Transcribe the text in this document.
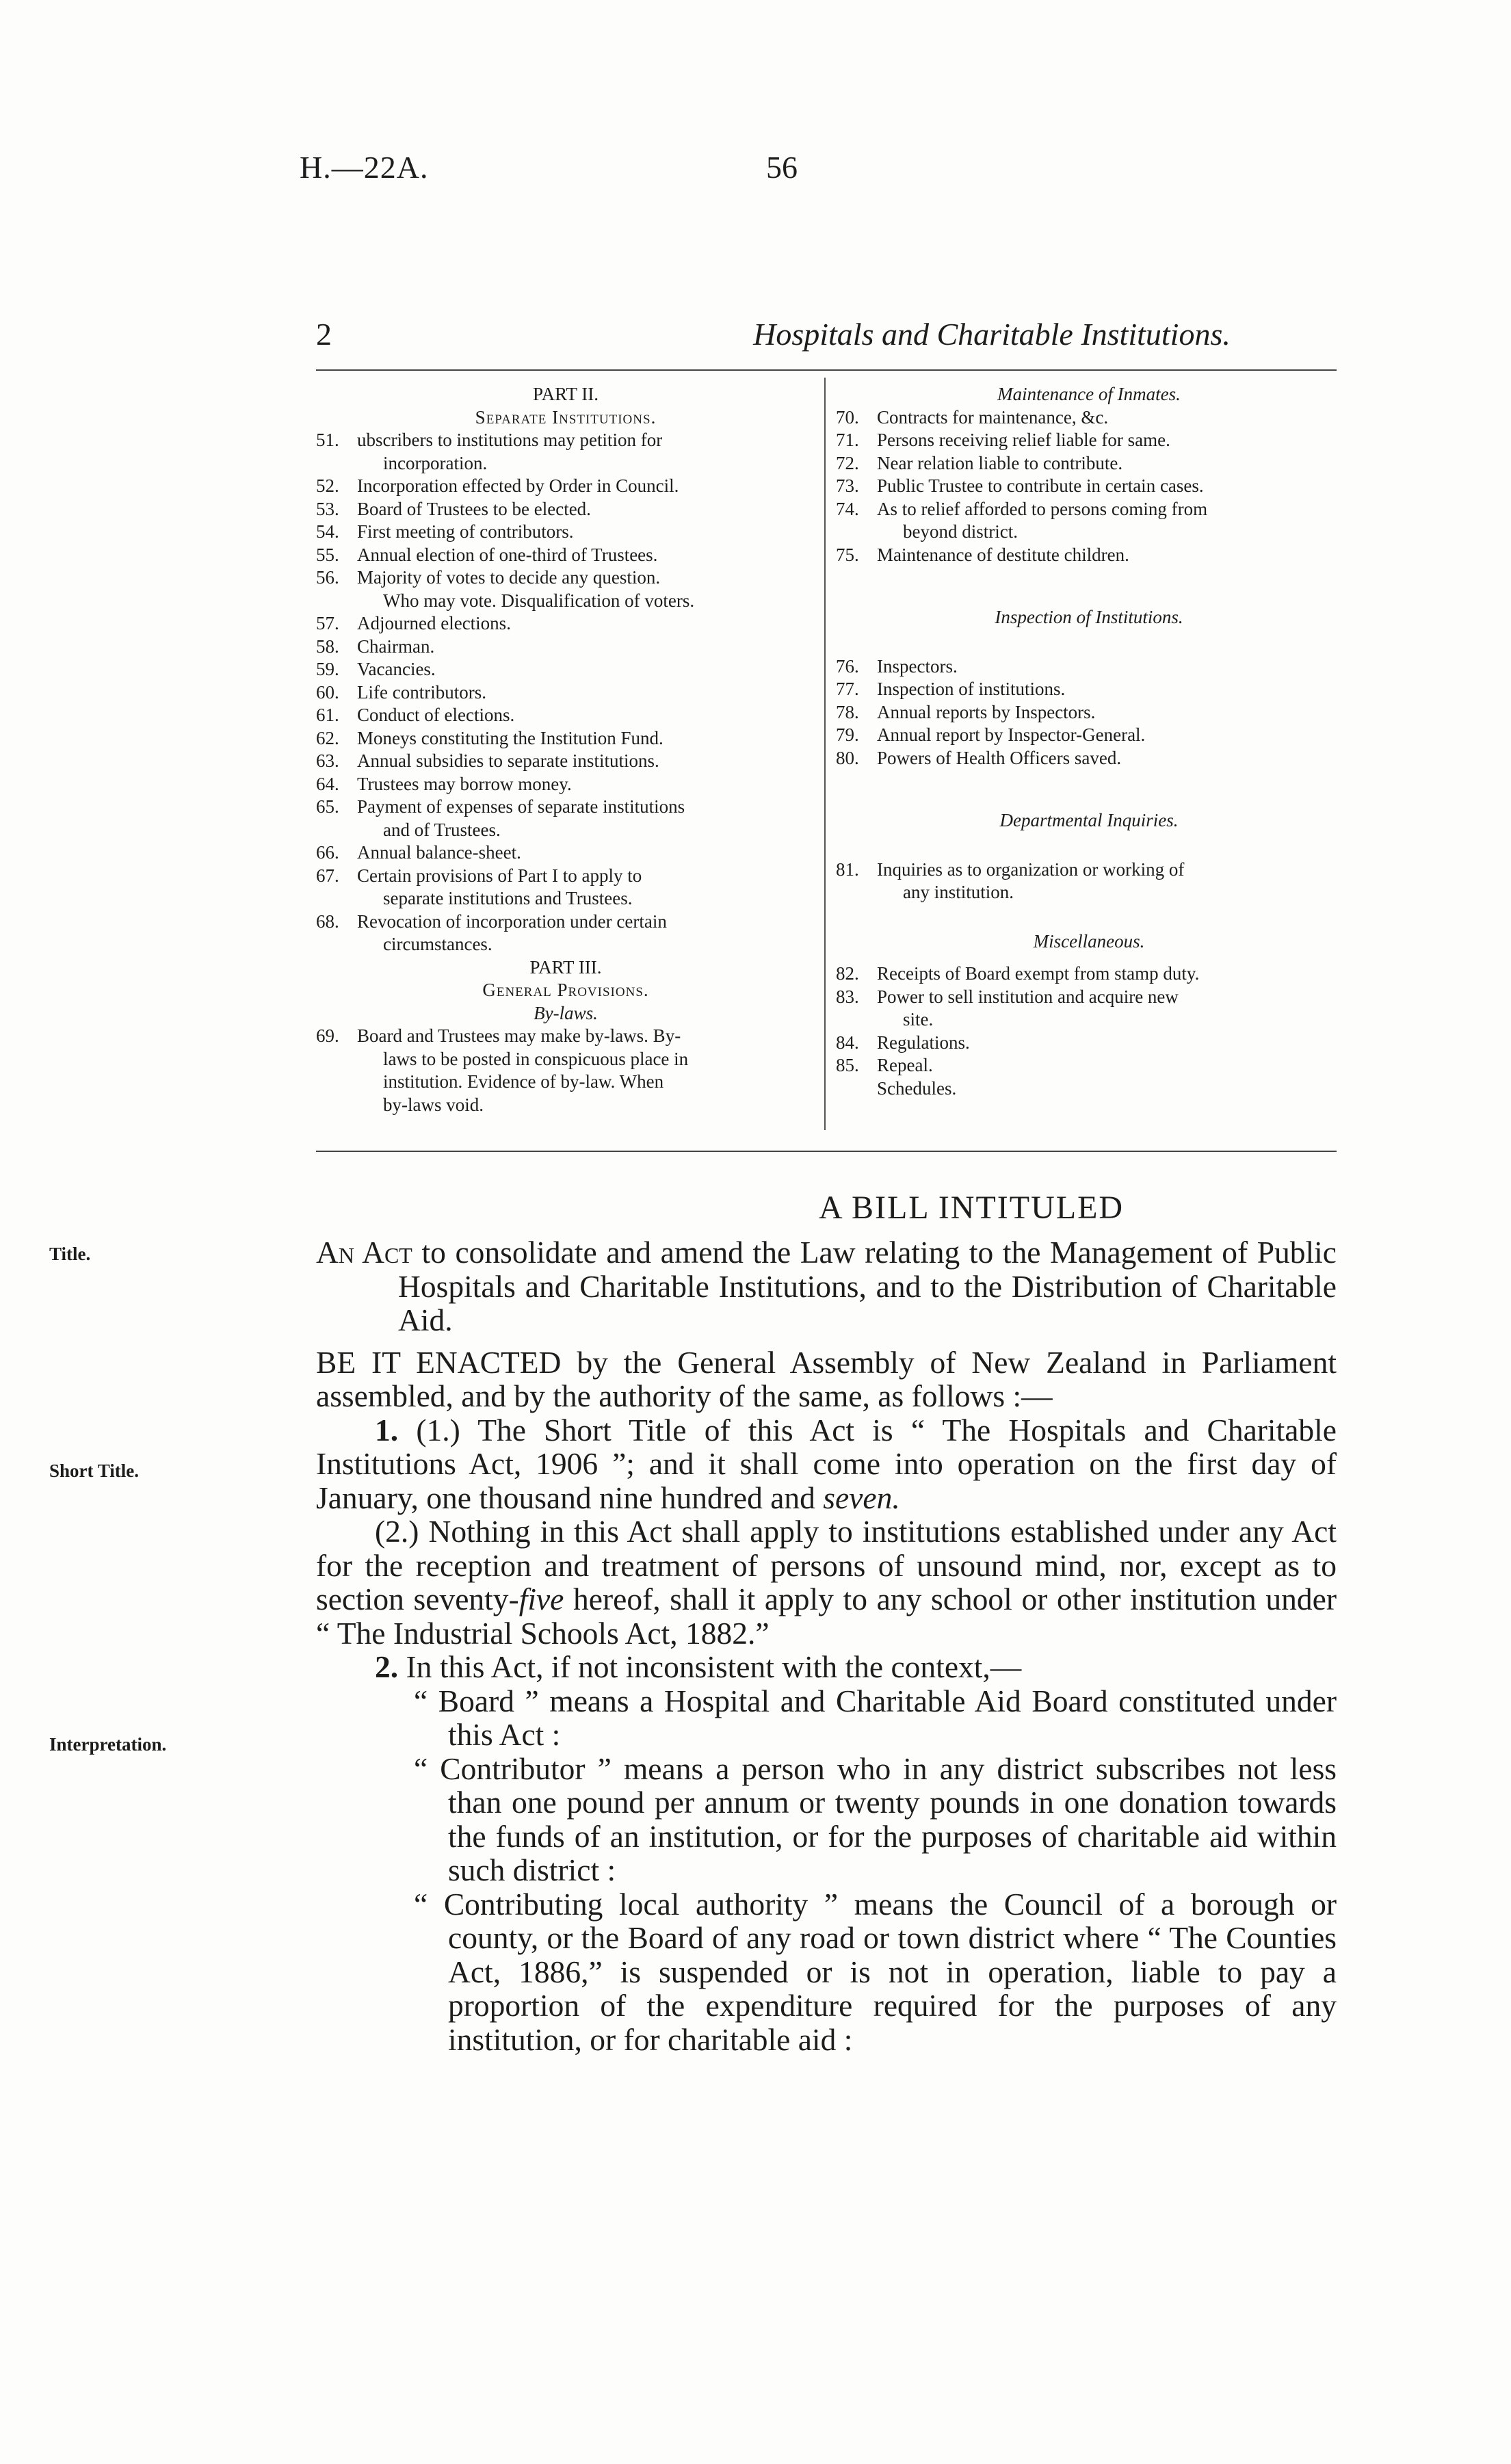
H.—22A.	56
2	Hospitals and Charitable Institutions.
PART II.
Separate Institutions.
51. ubscribers to institutions may petition for
incorporation.
52. Incorporation effected by Order in Council.
53. Board of Trustees to be elected.
54. First meeting of contributors.
55. Annual election of one-third of Trustees.
56. Majority of votes to decide any question.
Who may vote. Disqualification of voters.
57. Adjourned elections.
58. Chairman.
59. Vacancies.
60. Life contributors.
61. Conduct of elections.
62. Moneys constituting the Institution Fund.
63. Annual subsidies to separate institutions.
64. Trustees may borrow money.
65. Payment of expenses of separate institutions
and of Trustees.
66. Annual balance-sheet.
67. Certain provisions of Part I to apply to
separate institutions and Trustees.
68. Revocation of incorporation under certain
circumstances.
PART III.
General Provisions.
By-laws.
69. Board and Trustees may make by-laws. By-
laws to be posted in conspicuous place in
institution. Evidence of by-law. When
by-laws void.
Maintenance of Inmates.
70. Contracts for maintenance, &c.
71. Persons receiving relief liable for same.
72. Near relation liable to contribute.
73. Public Trustee to contribute in certain cases.
74. As to relief afforded to persons coming from
beyond district.
75. Maintenance of destitute children.
Inspection of Institutions.
76. Inspectors.
77. Inspection of institutions.
78. Annual reports by Inspectors.
79. Annual report by Inspector-General.
80. Powers of Health Officers saved.
Departmental Inquiries.
81. Inquiries as to organization or working of
any institution.
Miscellaneous.
82. Receipts of Board exempt from stamp duty.
83. Power to sell institution and acquire new
site.
84. Regulations.
85. Repeal.
Schedules.
A BILL INTITULED
Title.
Short Title.
Interpretation.

An Act to consolidate and amend the Law relating to the Management of Public Hospitals and Charitable Institutions, and to the Distribution of Charitable Aid.

BE IT ENACTED by the General Assembly of New Zealand in Parliament assembled, and by the authority of the same, as follows :—

1. (1.) The Short Title of this Act is “ The Hospitals and Charitable Institutions Act, 1906 ”; and it shall come into operation on the first day of January, one thousand nine hundred and seven.

(2.) Nothing in this Act shall apply to institutions established under any Act for the reception and treatment of persons of unsound mind, nor, except as to section seventy-five hereof, shall it apply to any school or other institution under “ The Industrial Schools Act, 1882.”

2. In this Act, if not inconsistent with the context,—

“ Board ” means a Hospital and Charitable Aid Board constituted under this Act :

“ Contributor ” means a person who in any district subscribes not less than one pound per annum or twenty pounds in one donation towards the funds of an institution, or for the purposes of charitable aid within such district :

“ Contributing local authority ” means the Council of a borough or county, or the Board of any road or town district where “ The Counties Act, 1886,” is suspended or is not in operation, liable to pay a proportion of the expenditure required for the purposes of any institution, or for charitable aid :
